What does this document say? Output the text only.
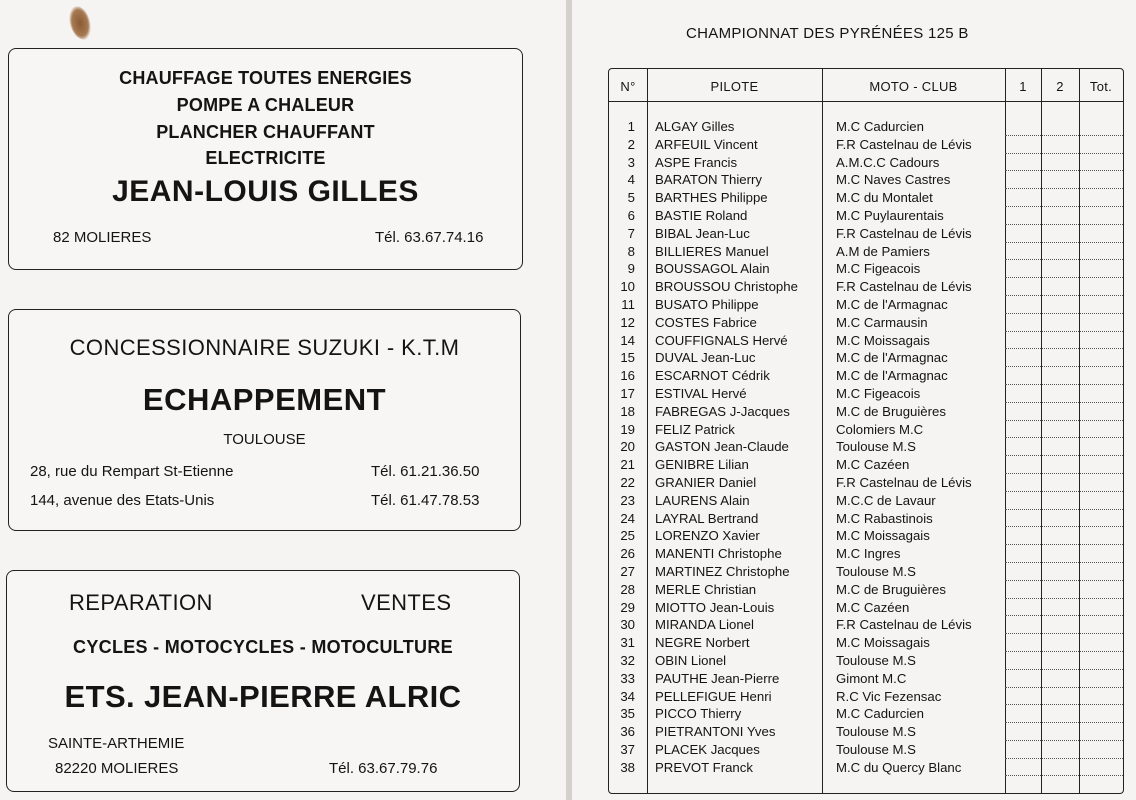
CHAUFFAGE TOUTES ENERGIES
POMPE A CHALEUR
PLANCHER CHAUFFANT
ELECTRICITE
JEAN-LOUIS GILLES
82 MOLIERES	Tél. 63.67.74.16
CONCESSIONNAIRE SUZUKI - K.T.M
ECHAPPEMENT
TOULOUSE
28, rue du Rempart St-Etienne	Tél. 61.21.36.50
144, avenue des Etats-Unis	Tél. 61.47.78.53
REPARATION	VENTES
CYCLES - MOTOCYCLES - MOTOCULTURE
ETS. JEAN-PIERRE ALRIC
SAINTE-ARTHEMIE
82220 MOLIERES	Tél. 63.67.79.76
CHAMPIONNAT DES PYRÉNÉES 125 B
N°	PILOTE	MOTO - CLUB	1	2	Tot.
1 ALGAY Gilles	M.C Cadurcien
2 ARFEUIL Vincent	F.R Castelnau de Lévis
3 ASPE Francis	A.M.C.C Cadours
4 BARATON Thierry	M.C Naves Castres
5 BARTHES Philippe	M.C du Montalet
6 BASTIE Roland	M.C Puylaurentais
7 BIBAL Jean-Luc	F.R Castelnau de Lévis
8 BILLIERES Manuel	A.M de Pamiers
9 BOUSSAGOL Alain	M.C Figeacois
10 BROUSSOU Christophe	F.R Castelnau de Lévis
11 BUSATO Philippe	M.C de l'Armagnac
12 COSTES Fabrice	M.C Carmausin
14 COUFFIGNALS Hervé	M.C Moissagais
15 DUVAL Jean-Luc	M.C de l'Armagnac
16 ESCARNOT Cédrik	M.C de l'Armagnac
17 ESTIVAL Hervé	M.C Figeacois
18 FABREGAS J-Jacques	M.C de Bruguières
19 FELIZ Patrick	Colomiers M.C
20 GASTON Jean-Claude	Toulouse M.S
21 GENIBRE Lilian	M.C Cazéen
22 GRANIER Daniel	F.R Castelnau de Lévis
23 LAURENS Alain	M.C.C de Lavaur
24 LAYRAL Bertrand	M.C Rabastinois
25 LORENZO Xavier	M.C Moissagais
26 MANENTI Christophe	M.C Ingres
27 MARTINEZ Christophe	Toulouse M.S
28 MERLE Christian	M.C de Bruguières
29 MIOTTO Jean-Louis	M.C Cazéen
30 MIRANDA Lionel	F.R Castelnau de Lévis
31 NEGRE Norbert	M.C Moissagais
32 OBIN Lionel	Toulouse M.S
33 PAUTHE Jean-Pierre	Gimont M.C
34 PELLEFIGUE Henri	R.C Vic Fezensac
35 PICCO Thierry	M.C Cadurcien
36 PIETRANTONI Yves	Toulouse M.S
37 PLACEK Jacques	Toulouse M.S
38 PREVOT Franck	M.C du Quercy Blanc
